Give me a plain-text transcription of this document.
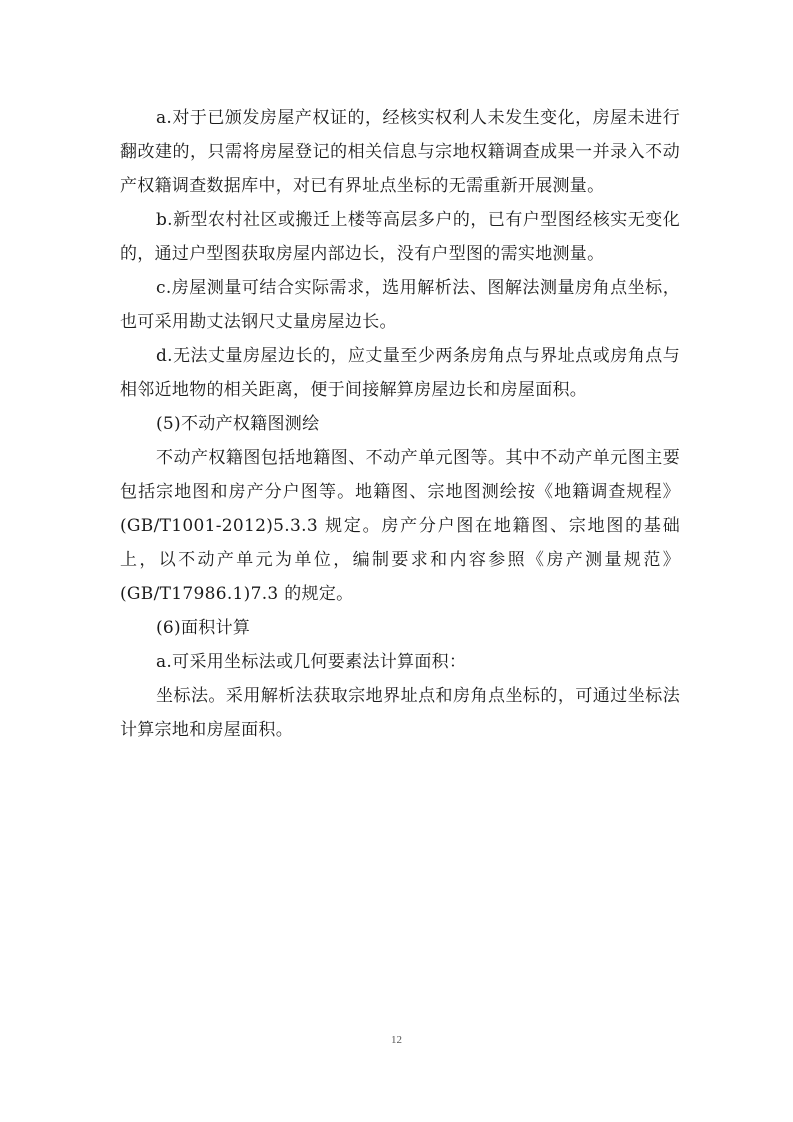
a.对于已颁发房屋产权证的，经核实权利人未发生变化，房屋未进行翻改建的，只需将房屋登记的相关信息与宗地权籍调查成果一并录入不动产权籍调查数据库中，对已有界址点坐标的无需重新开展测量。

b.新型农村社区或搬迁上楼等高层多户的，已有户型图经核实无变化的，通过户型图获取房屋内部边长，没有户型图的需实地测量。

c.房屋测量可结合实际需求，选用解析法、图解法测量房角点坐标，也可采用勘丈法钢尺丈量房屋边长。

d.无法丈量房屋边长的，应丈量至少两条房角点与界址点或房角点与相邻近地物的相关距离，便于间接解算房屋边长和房屋面积。

(5)不动产权籍图测绘

不动产权籍图包括地籍图、不动产单元图等。其中不动产单元图主要包括宗地图和房产分户图等。地籍图、宗地图测绘按《地籍调查规程》(GB/T1001-2012)5.3.3 规定。房产分户图在地籍图、宗地图的基础上，以不动产单元为单位，编制要求和内容参照《房产测量规范》(GB/T17986.1)7.3 的规定。

(6)面积计算

a.可采用坐标法或几何要素法计算面积：

坐标法。采用解析法获取宗地界址点和房角点坐标的，可通过坐标法计算宗地和房屋面积。

12
